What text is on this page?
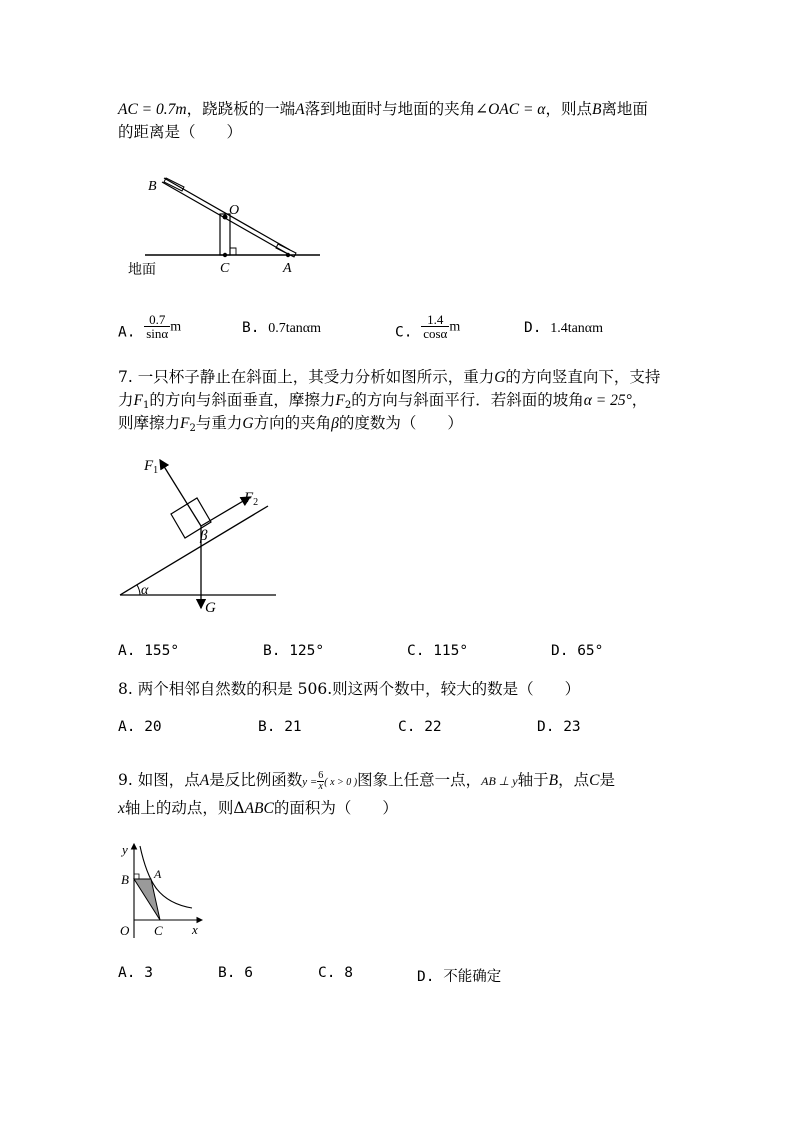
AC = 0.7m，跷跷板的一端A落到地面时与地面的夹角∠OAC = α，则点B离地面
的距离是（　　）
B
O
C	A
地面
A. $\frac{0.7}{\sin\alpha}$ m	B. 0.7tanαm	C. $\frac{1.4}{\cos\alpha}$ m	D. 1.4tanαm
7. 一只杯子静止在斜面上，其受力分析如图所示，重力G的方向竖直向下，支持
力$F_1$的方向与斜面垂直，摩擦力$F_2$的方向与斜面平行．若斜面的坡角α = 25°，
则摩擦力$F_2$与重力G方向的夹角β的度数为（　　）
$F_1$
$F_2$
β
α
G
A. 155°	B. 125°	C. 115°	D. 65°
8. 两个相邻自然数的积是 506.则这两个数中，较大的数是（　　）
A. 20	B. 21	C. 22	D. 23
9. 如图，点A是反比例函数$y = \frac{6}{x}$ ( x > 0 )图象上任意一点，AB ⊥ y轴于B，点C是
x轴上的动点，则ΔABC的面积为（　　）
y
B A
O C x
A. 3	B. 6	C. 8	D. 不能确定
